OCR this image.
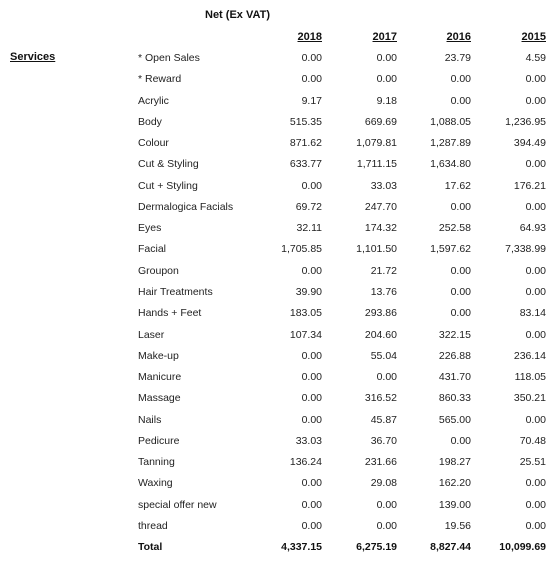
Net (Ex VAT)
Services
2018	2017	2016	2015
* Open Sales	0.00	0.00	23.79	4.59
* Reward	0.00	0.00	0.00	0.00
Acrylic	9.17	9.18	0.00	0.00
Body	515.35	669.69	1,088.05	1,236.95
Colour	871.62	1,079.81	1,287.89	394.49
Cut & Styling	633.77	1,711.15	1,634.80	0.00
Cut + Styling	0.00	33.03	17.62	176.21
Dermalogica Facials	69.72	247.70	0.00	0.00
Eyes	32.11	174.32	252.58	64.93
Facial	1,705.85	1,101.50	1,597.62	7,338.99
Groupon	0.00	21.72	0.00	0.00
Hair Treatments	39.90	13.76	0.00	0.00
Hands + Feet	183.05	293.86	0.00	83.14
Laser	107.34	204.60	322.15	0.00
Make-up	0.00	55.04	226.88	236.14
Manicure	0.00	0.00	431.70	118.05
Massage	0.00	316.52	860.33	350.21
Nails	0.00	45.87	565.00	0.00
Pedicure	33.03	36.70	0.00	70.48
Tanning	136.24	231.66	198.27	25.51
Waxing	0.00	29.08	162.20	0.00
special offer new	0.00	0.00	139.00	0.00
thread	0.00	0.00	19.56	0.00
Total	4,337.15	6,275.19	8,827.44	10,099.69
